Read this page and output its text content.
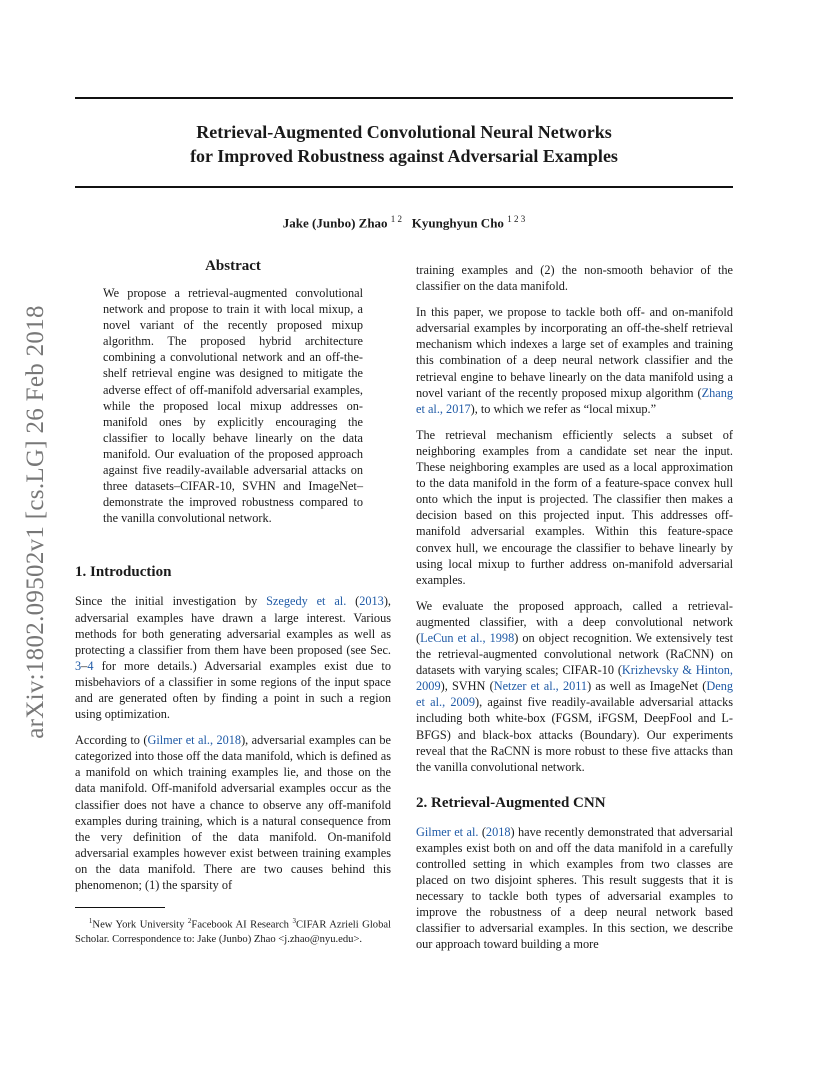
arXiv:1802.09502v1 [cs.LG] 26 Feb 2018
Retrieval-Augmented Convolutional Neural Networks
for Improved Robustness against Adversarial Examples
Jake (Junbo) Zhao $^{1 2}$ Kyunghyun Cho $^{1 2 3}$
Abstract

We propose a retrieval-augmented convolutional network and propose to train it with local mixup, a novel variant of the recently proposed mixup algorithm. The proposed hybrid architecture combining a convolutional network and an off-the-shelf retrieval engine was designed to mitigate the adverse effect of off-manifold adversarial examples, while the proposed local mixup addresses on-manifold ones by explicitly encouraging the classifier to locally behave linearly on the data manifold. Our evaluation of the proposed approach against five readily-available adversarial attacks on three datasets–CIFAR-10, SVHN and ImageNet– demonstrate the improved robustness compared to the vanilla convolutional network.

1. Introduction

Since the initial investigation by Szegedy et al. (2013), adversarial examples have drawn a large interest. Various methods for both generating adversarial examples as well as protecting a classifier from them have been proposed (see Sec. 3–4 for more details.) Adversarial examples exist due to misbehaviors of a classifier in some regions of the input space and are generated often by finding a point in such a region using optimization.

According to (Gilmer et al., 2018), adversarial examples can be categorized into those off the data manifold, which is defined as a manifold on which training examples lie, and those on the data manifold. Off-manifold adversarial examples occur as the classifier does not have a chance to observe any off-manifold examples during training, which is a natural consequence from the very definition of the data manifold. On-manifold adversarial examples however exist between training examples on the data manifold. There are two causes behind this phenomenon; (1) the sparsity of

$^1$New York University $^2$Facebook AI Research $^3$CIFAR Azrieli Global Scholar. Correspondence to: Jake (Junbo) Zhao <j.zhao@nyu.edu>.

training examples and (2) the non-smooth behavior of the classifier on the data manifold.

In this paper, we propose to tackle both off- and on-manifold adversarial examples by incorporating an off-the-shelf retrieval mechanism which indexes a large set of examples and training this combination of a deep neural network classifier and the retrieval engine to behave linearly on the data manifold using a novel variant of the recently proposed mixup algorithm (Zhang et al., 2017), to which we refer as “local mixup.”

The retrieval mechanism efficiently selects a subset of neighboring examples from a candidate set near the input. These neighboring examples are used as a local approximation to the data manifold in the form of a feature-space convex hull onto which the input is projected. The classifier then makes a decision based on this projected input. This addresses off-manifold adversarial examples. Within this feature-space convex hull, we encourage the classifier to behave linearly by using local mixup to further address on-manifold adversarial examples.

We evaluate the proposed approach, called a retrieval-augmented classifier, with a deep convolutional network (LeCun et al., 1998) on object recognition. We extensively test the retrieval-augmented convolutional network (RaCNN) on datasets with varying scales; CIFAR-10 (Krizhevsky & Hinton, 2009), SVHN (Netzer et al., 2011) as well as ImageNet (Deng et al., 2009), against five readily-available adversarial attacks including both white-box (FGSM, iFGSM, DeepFool and L-BFGS) and black-box attacks (Boundary). Our experiments reveal that the RaCNN is more robust to these five attacks than the vanilla convolutional network.

2. Retrieval-Augmented CNN

Gilmer et al. (2018) have recently demonstrated that adversarial examples exist both on and off the data manifold in a carefully controlled setting in which examples from two classes are placed on two disjoint spheres. This result suggests that it is necessary to tackle both types of adversarial examples to improve the robustness of a deep neural network based classifier to adversarial examples. In this section, we describe our approach toward building a more
